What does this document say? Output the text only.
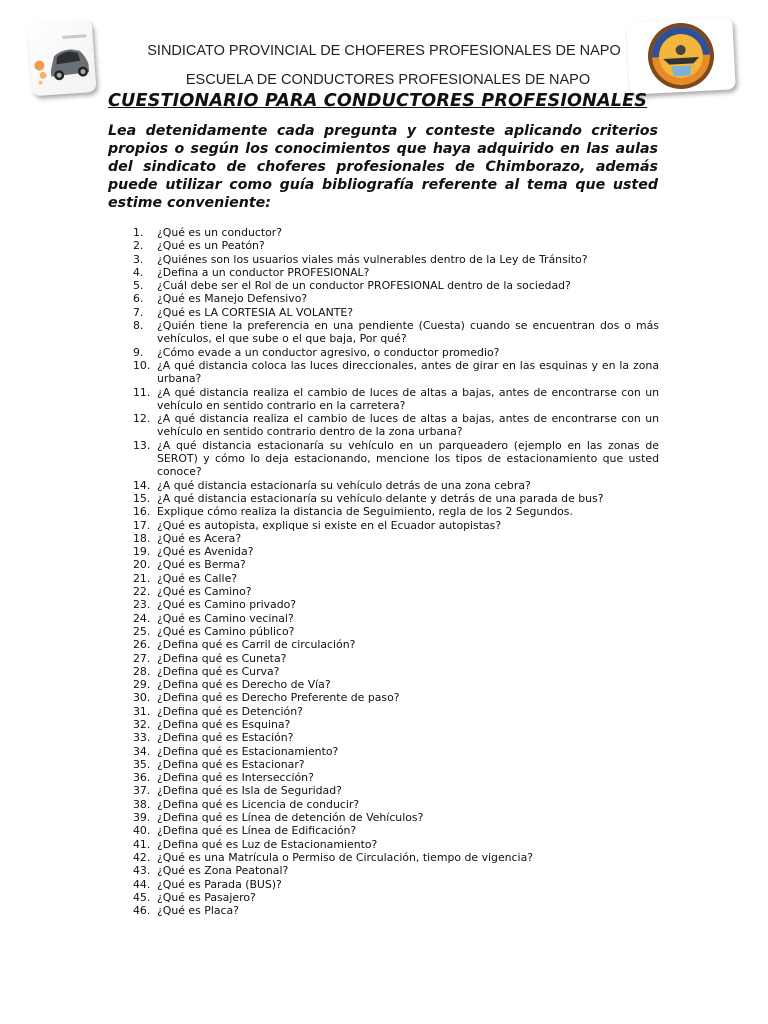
SINDICATO PROVINCIAL DE CHOFERES PROFESIONALES DE NAPO
ESCUELA DE CONDUCTORES PROFESIONALES DE NAPO
CUESTIONARIO PARA CONDUCTORES PROFESIONALES
Lea detenidamente cada pregunta y conteste aplicando criterios propios o según los conocimientos que haya adquirido en las aulas del sindicato de choferes profesionales de Chimborazo, además puede utilizar como guía bibliografía referente al tema que usted estime conveniente:
1.	¿Qué es un conductor?
2.	¿Qué es un Peatón?
3.	¿Quiénes son los usuarios viales más vulnerables dentro de la Ley de Tránsito?
4.	¿Defina a un conductor PROFESIONAL?
5.	¿Cuál debe ser el Rol de un conductor PROFESIONAL dentro de la sociedad?
6.	¿Qué es Manejo Defensivo?
7.	¿Qué es LA CORTESIA AL VOLANTE?
8.	¿Quién tiene la preferencia en una pendiente (Cuesta) cuando se encuentran dos o más vehículos, el que sube o el que baja, Por qué?
9.	¿Cómo evade a un conductor agresivo, o conductor promedio?
10. ¿A qué distancia coloca las luces direccionales, antes de girar en las esquinas y en la zona urbana?
11. ¿A qué distancia realiza el cambio de luces de altas a bajas, antes de encontrarse con un vehículo en sentido contrario en la carretera?
12. ¿A qué distancia realiza el cambio de luces de altas a bajas, antes de encontrarse con un vehículo en sentido contrario dentro de la zona urbana?
13. ¿A qué distancia estacionaría su vehículo en un parqueadero (ejemplo en las zonas de SEROT) y cómo lo deja estacionando, mencione los tipos de estacionamiento que usted conoce?
14. ¿A qué distancia estacionaría su vehículo detrás de una zona cebra?
15. ¿A qué distancia estacionaría su vehículo delante y detrás de una parada de bus?
16. Explique cómo realiza la distancia de Seguimiento, regla de los 2 Segundos.
17. ¿Qué es autopista, explique si existe en el Ecuador autopistas?
18. ¿Qué es Acera?
19. ¿Qué es Avenida?
20. ¿Qué es Berma?
21. ¿Qué es Calle?
22. ¿Qué es Camino?
23. ¿Qué es Camino privado?
24. ¿Qué es Camino vecinal?
25. ¿Qué es Camino público?
26. ¿Defina qué es Carril de circulación?
27. ¿Defina qué es Cuneta?
28. ¿Defina qué es Curva?
29. ¿Defina qué es Derecho de Vía?
30. ¿Defina qué es Derecho Preferente de paso?
31. ¿Defina qué es Detención?
32. ¿Defina qué es Esquina?
33. ¿Defina qué es Estación?
34. ¿Defina qué es Estacionamiento?
35. ¿Defina qué es Estacionar?
36. ¿Defina qué es Intersección?
37. ¿Defina qué es Isla de Seguridad?
38. ¿Defina qué es Licencia de conducir?
39. ¿Defina qué es Línea de detención de Vehículos?
40. ¿Defina qué es Línea de Edificación?
41. ¿Defina qué es Luz de Estacionamiento?
42. ¿Qué es una Matrícula o Permiso de Circulación, tiempo de vigencia?
43. ¿Qué es Zona Peatonal?
44. ¿Qué es Parada (BUS)?
45. ¿Qué es Pasajero?
46. ¿Qué es Placa?
